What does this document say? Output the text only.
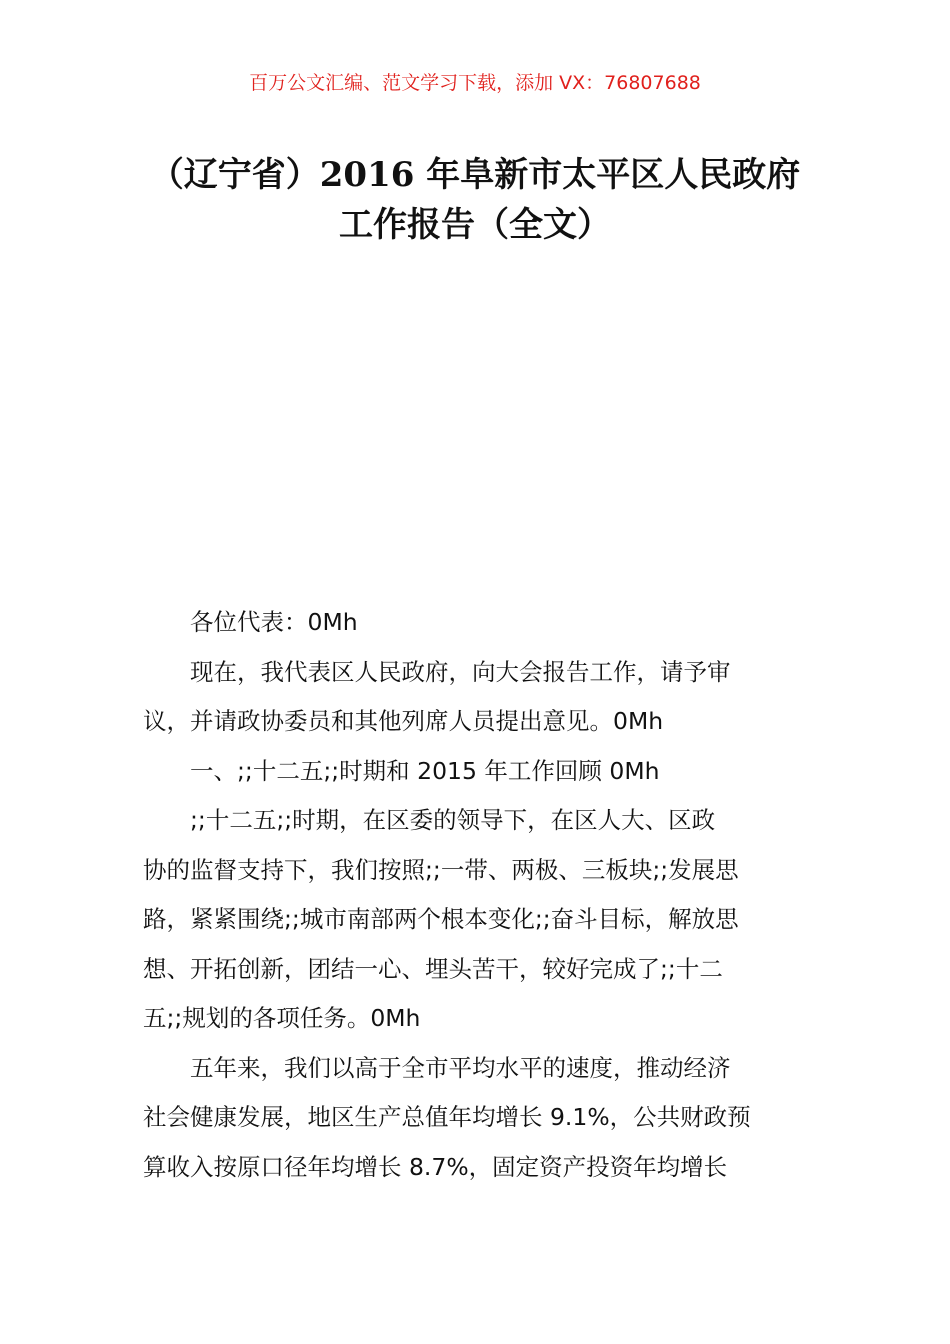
百万公文汇编、范文学习下载，添加 VX：76807688
（辽宁省）2016 年阜新市太平区人民政府
工作报告（全文）

各位代表：0Mh

现在，我代表区人民政府，向大会报告工作，请予审
议，并请政协委员和其他列席人员提出意见。0Mh

一、;;十二五;;时期和 2015 年工作回顾 0Mh

;;十二五;;时期，在区委的领导下，在区人大、区政
协的监督支持下，我们按照;;一带、两极、三板块;;发展思
路，紧紧围绕;;城市南部两个根本变化;;奋斗目标，解放思
想、开拓创新，团结一心、埋头苦干，较好完成了;;十二
五;;规划的各项任务。0Mh

五年来，我们以高于全市平均水平的速度，推动经济
社会健康发展，地区生产总值年均增长 9.1%，公共财政预
算收入按原口径年均增长 8.7%，固定资产投资年均增长
